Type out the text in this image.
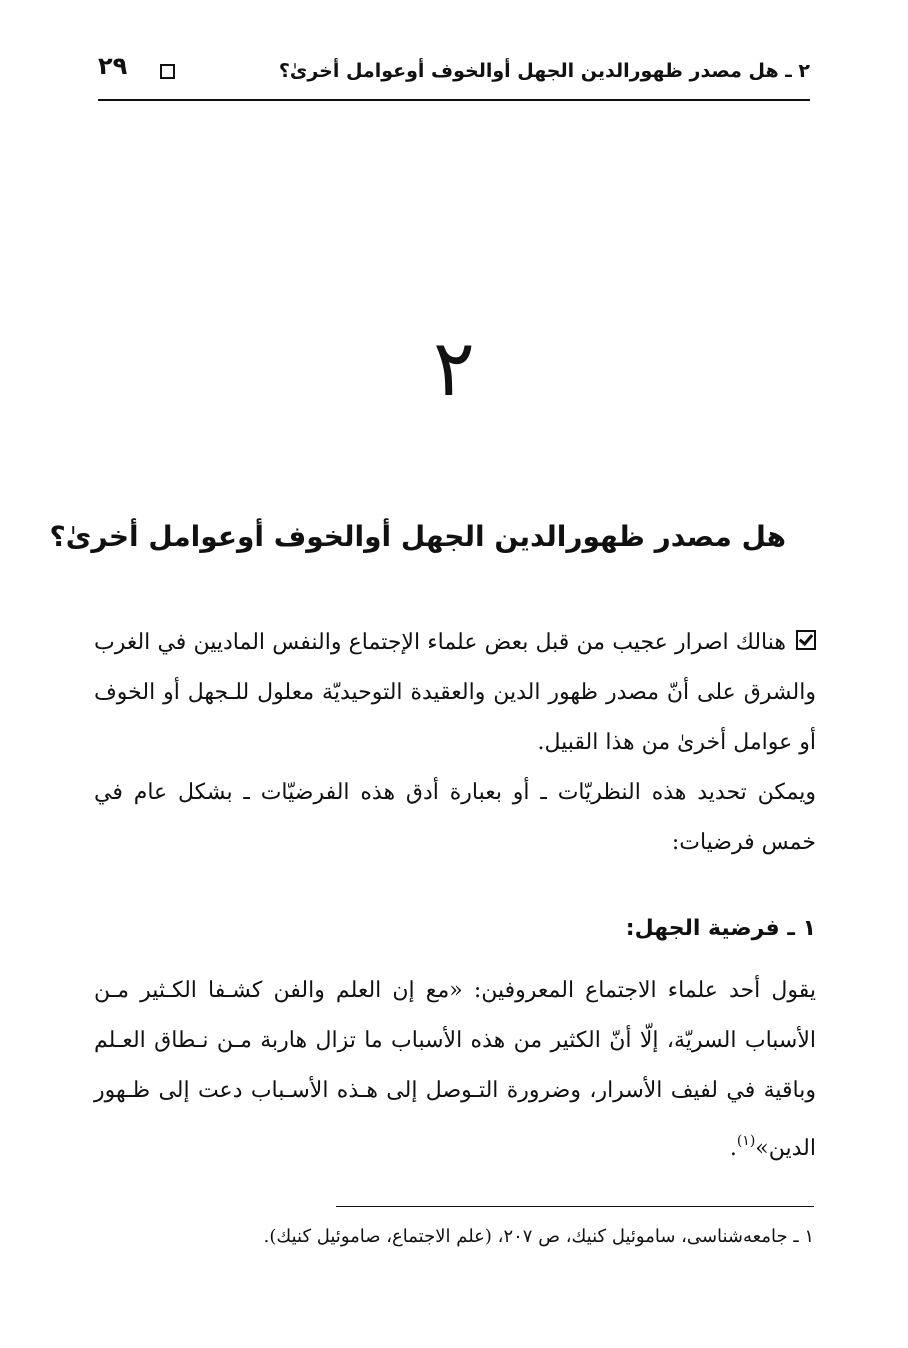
٢ ـ هل مصدر ظهورالدين الجهل أوالخوف أوعوامل أخرىٰ؟
٢٩
٢
هل مصدر ظهورالدين الجهل أوالخوف أوعوامل أخرىٰ؟
هنالك اصرار عجيب من قبل بعض علماء الإجتماع والنفس الماديين في الغرب والشرق على أنّ مصدر ظهور الدين والعقيدة التوحيديّة معلول للـجهل أو الخوف أو عوامل أخرىٰ من هذا القبيل.
ويمكن تحديد هذه النظريّات ـ أو بعبارة أدق هذه الفرضيّات ـ بشكل عام في خمس فرضيات:
١ ـ فرضية الجهل:
يقول أحد علماء الاجتماع المعروفين: «مع إن العلم والفن كشـفا الكـثير مـن الأسباب السريّة، إلّا أنّ الكثير من هذه الأسباب ما تزال هاربة مـن نـطاق العـلم وباقية في لفيف الأسرار، وضرورة التـوصل إلى هـذه الأسـباب دعت إلى ظـهور الدين»$^{(١)}$.
١ ـ جامعه‌شناسى، ساموئيل كنيك، ص ٢٠٧، (علم الاجتماع، صاموئيل كنيك).
